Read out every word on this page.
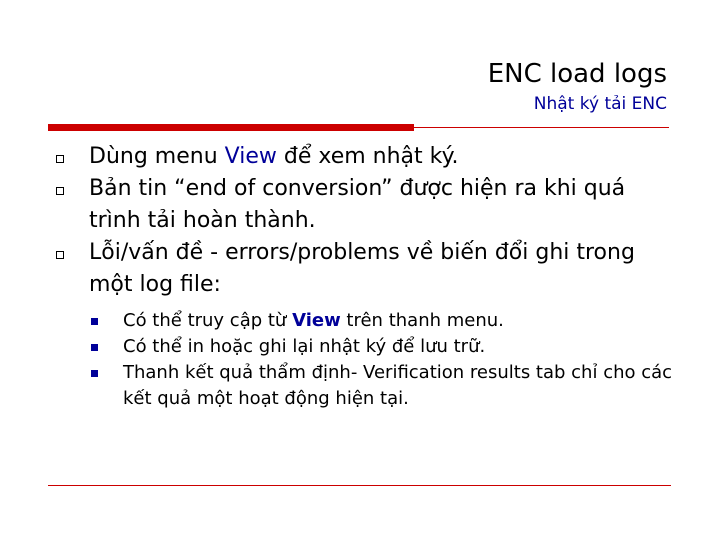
ENC load logs
Nhật ký tải ENC
Dùng menu View để xem nhật ký.
Bản tin “end of conversion” được hiện ra khi quá trình tải hoàn thành.
Lỗi/vấn đề - errors/problems về biến đổi ghi trong một log file:
Có thể truy cập từ View trên thanh menu.
Có thể in hoặc ghi lại nhật ký để lưu trữ.
Thanh kết quả thẩm định- Verification results tab chỉ cho các kết quả một hoạt động hiện tại.
